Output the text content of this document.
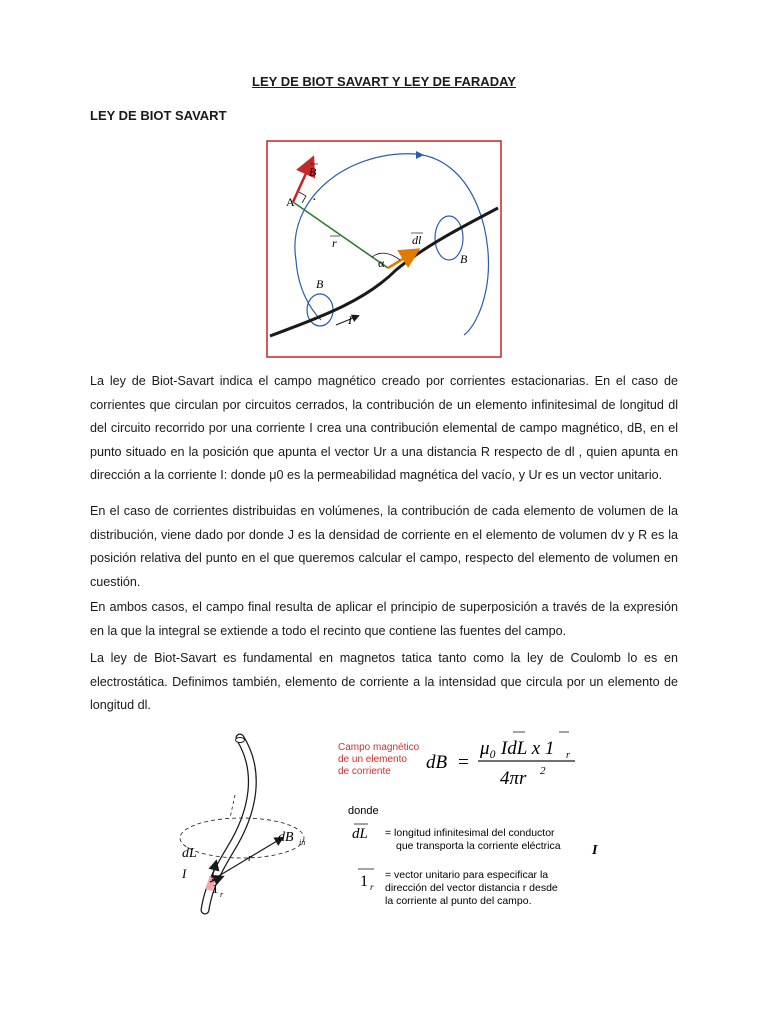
LEY DE BIOT SAVART Y LEY DE FARADAY
LEY DE BIOT SAVART
B
A ·
r	dl
α	B
B
I

La ley de Biot-Savart indica el campo magnético creado por corrientes estacionarias. En el caso de corrientes que circulan por circuitos cerrados, la contribución de un elemento infinitesimal de longitud dl del circuito recorrido por una corriente I crea una contribución elemental de campo magnético, dB, en el punto situado en la posición que apunta el vector Ur a una distancia R respecto de dl , quien apunta en dirección a la corriente I: donde μ0 es la permeabilidad magnética del vacío, y Ur es un vector unitario.

En el caso de corrientes distribuidas en volúmenes, la contribución de cada elemento de volumen de la distribución, viene dado por donde J es la densidad de corriente en el elemento de volumen dv y R es la posición relativa del punto en el que queremos calcular el campo, respecto del elemento de volumen en cuestión.

En ambos casos, el campo final resulta de aplicar el principio de superposición a través de la expresión en la que la integral se extiende a todo el recinto que contiene las fuentes del campo.

La ley de Biot-Savart es fundamental en magnetos tatica tanto como la ley de Coulomb lo es en electrostática. Definimos también, elemento de corriente a la intensidad que circula por un elemento de longitud dl.

dB in
dL	r
I
1 r
Campo magnético
de un elemento
de corriente dB =
μ₀ IdL x 1 r
4πr 2
donde
dL = longitud infinitesimal del conductor
que transporta la corriente eléctrica I
1 r
= vector unitario para especificar la
dirección del vector distancia r desde
la corriente al punto del campo.
